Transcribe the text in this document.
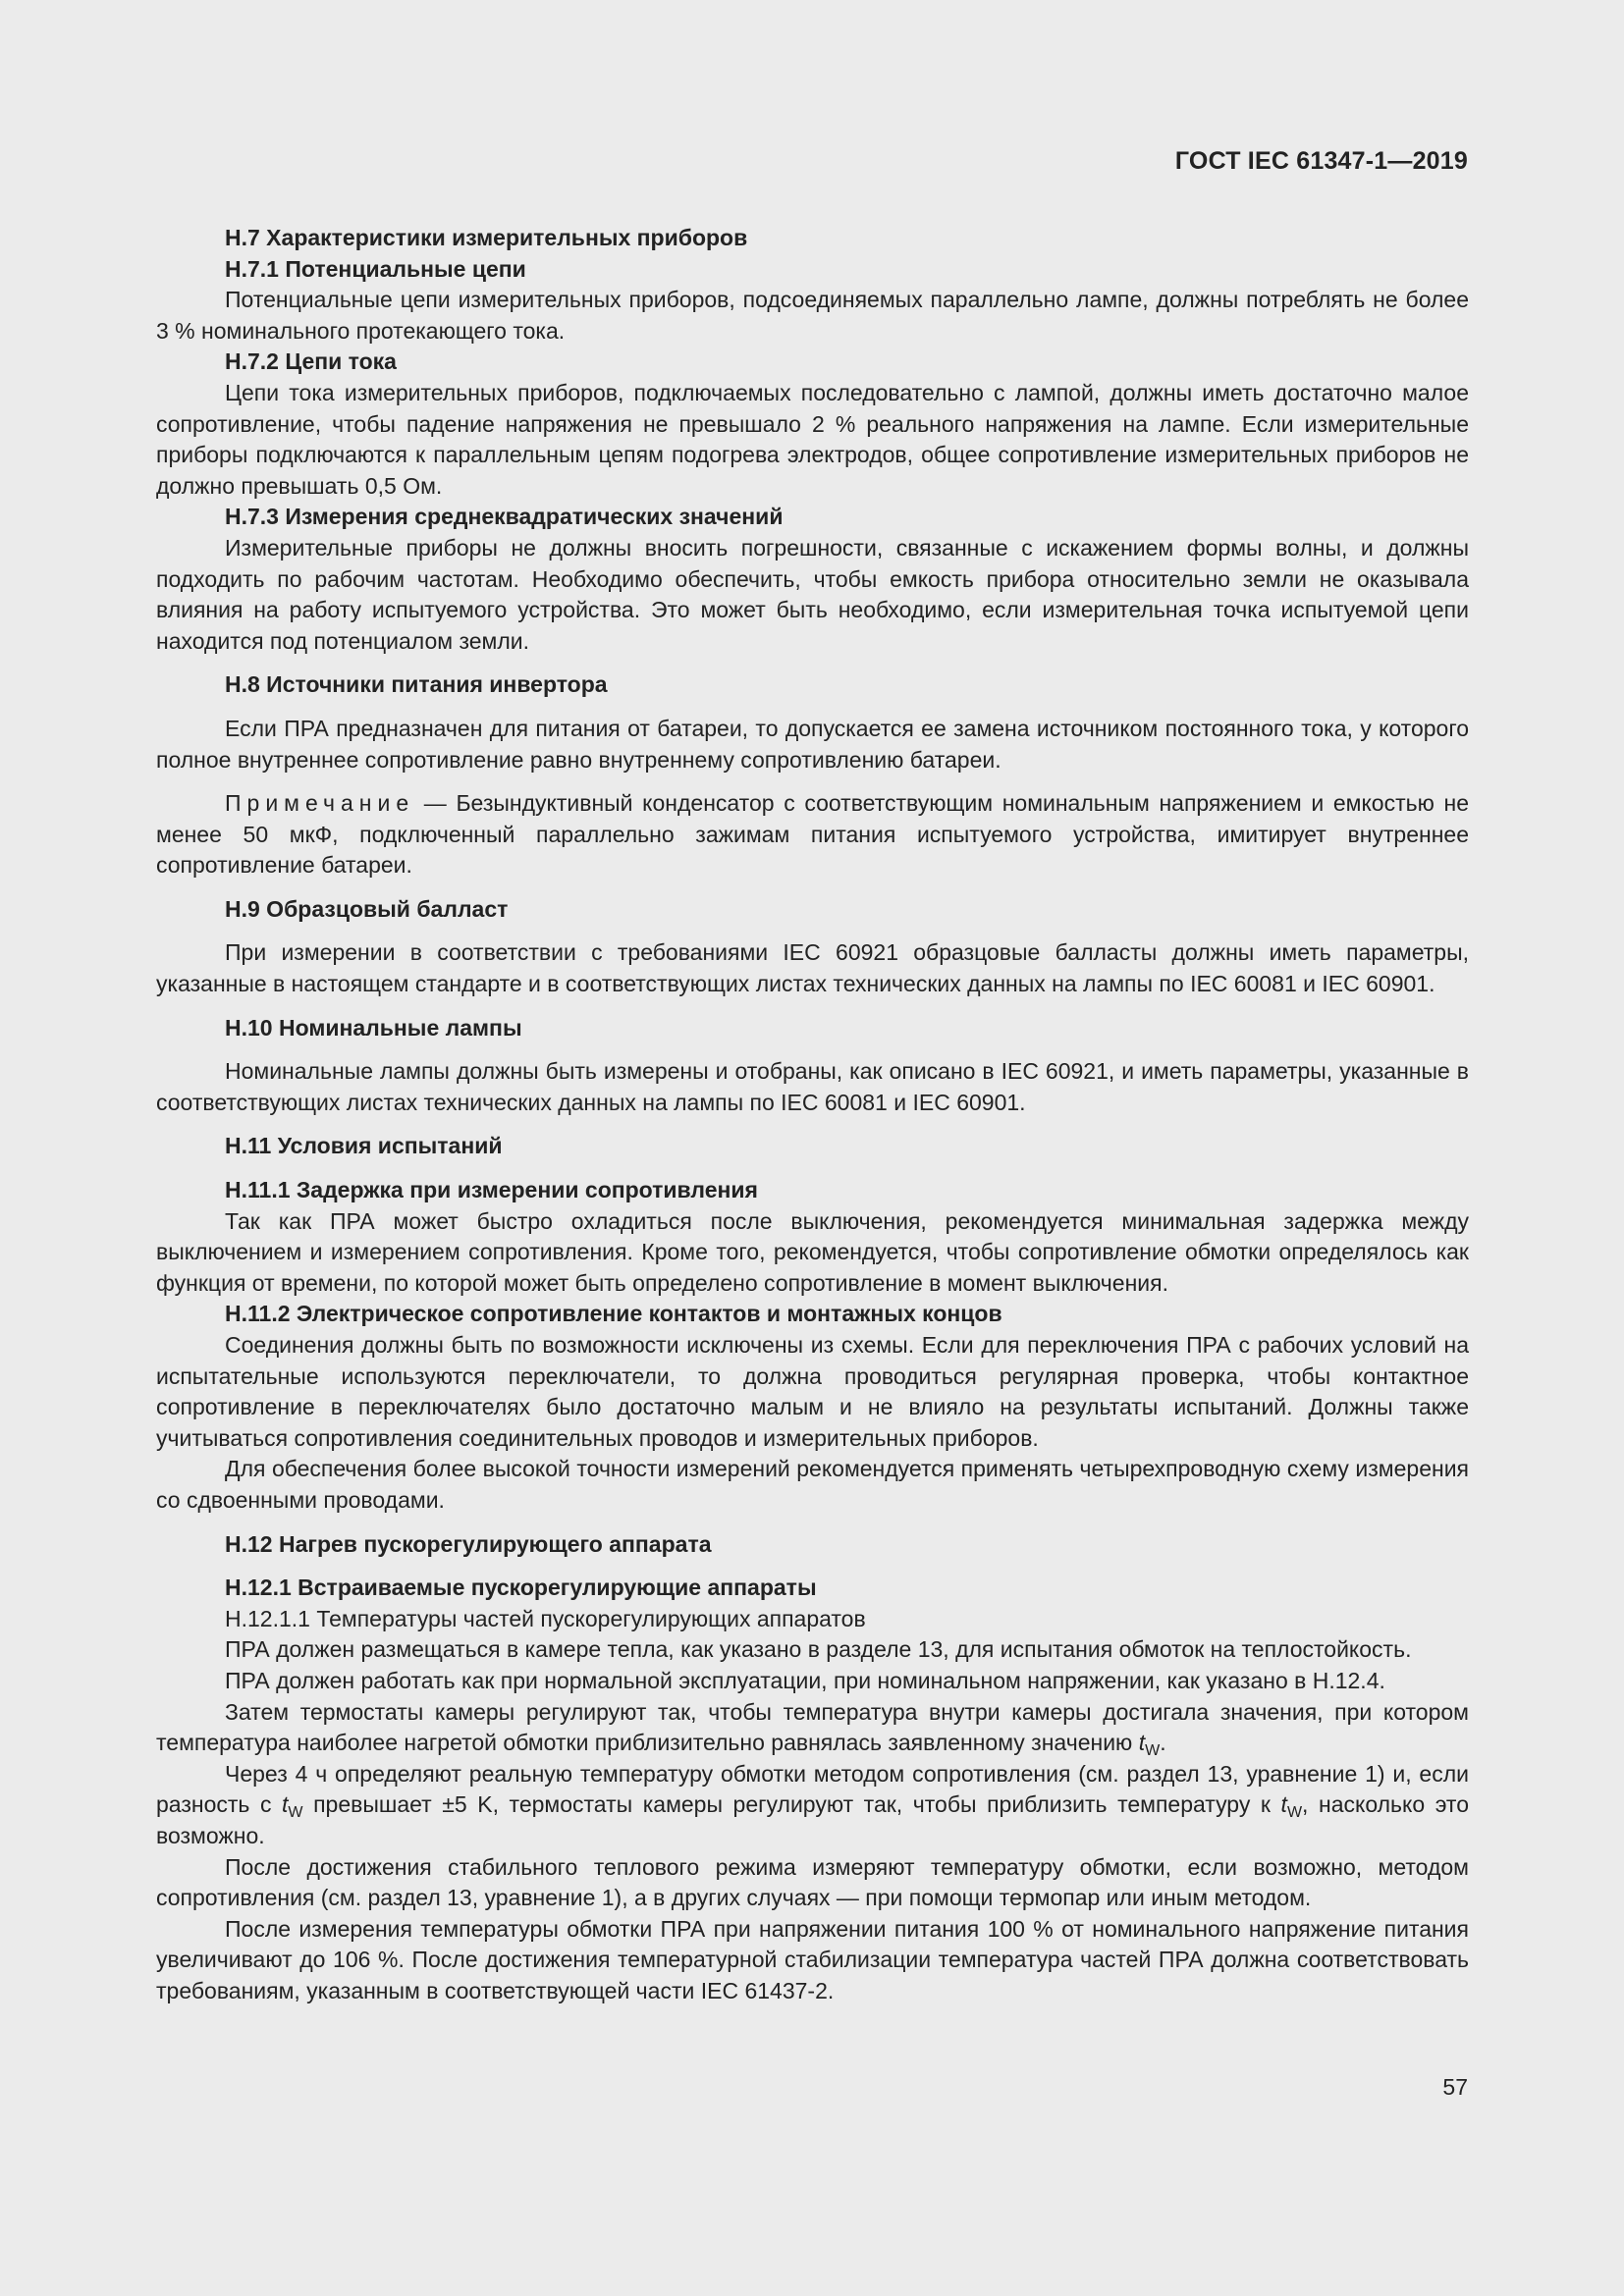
ГОСТ IEC 61347-1—2019
Н.7 Характеристики измерительных приборов
Н.7.1 Потенциальные цепи

Потенциальные цепи измерительных приборов, подсоединяемых параллельно лампе, должны потреблять не более 3 % номинального протекающего тока.

Н.7.2 Цепи тока

Цепи тока измерительных приборов, подключаемых последовательно с лампой, должны иметь достаточно малое сопротивление, чтобы падение напряжения не превышало 2 % реального напряжения на лампе. Если измерительные приборы подключаются к параллельным цепям подогрева электродов, общее сопротивление измерительных приборов не должно превышать 0,5 Ом.

Н.7.3 Измерения среднеквадратических значений

Измерительные приборы не должны вносить погрешности, связанные с искажением формы волны, и должны подходить по рабочим частотам. Необходимо обеспечить, чтобы емкость прибора относительно земли не оказывала влияния на работу испытуемого устройства. Это может быть необходимо, если измерительная точка испытуемой цепи находится под потенциалом земли.

Н.8 Источники питания инвертора

Если ПРА предназначен для питания от батареи, то допускается ее замена источником постоянного тока, у которого полное внутреннее сопротивление равно внутреннему сопротивлению батареи.

Примечание — Безындуктивный конденсатор с соответствующим номинальным напряжением и емкостью не менее 50 мкФ, подключенный параллельно зажимам питания испытуемого устройства, имитирует внутреннее сопротивление батареи.

Н.9 Образцовый балласт

При измерении в соответствии с требованиями IEC 60921 образцовые балласты должны иметь параметры, указанные в настоящем стандарте и в соответствующих листах технических данных на лампы по IEC 60081 и IEC 60901.

Н.10 Номинальные лампы

Номинальные лампы должны быть измерены и отобраны, как описано в IEC 60921, и иметь параметры, указанные в соответствующих листах технических данных на лампы по IEC 60081 и IEC 60901.

Н.11 Условия испытаний
Н.11.1 Задержка при измерении сопротивления

Так как ПРА может быстро охладиться после выключения, рекомендуется минимальная задержка между выключением и измерением сопротивления. Кроме того, рекомендуется, чтобы сопротивление обмотки определялось как функция от времени, по которой может быть определено сопротивление в момент выключения.

Н.11.2 Электрическое сопротивление контактов и монтажных концов

Соединения должны быть по возможности исключены из схемы. Если для переключения ПРА с рабочих условий на испытательные используются переключатели, то должна проводиться регулярная проверка, чтобы контактное сопротивление в переключателях было достаточно малым и не влияло на результаты испытаний. Должны также учитываться сопротивления соединительных проводов и измерительных приборов.

Для обеспечения более высокой точности измерений рекомендуется применять четырехпроводную схему измерения со сдвоенными проводами.

Н.12 Нагрев пускорегулирующего аппарата
Н.12.1 Встраиваемые пускорегулирующие аппараты
Н.12.1.1 Температуры частей пускорегулирующих аппаратов

ПРА должен размещаться в камере тепла, как указано в разделе 13, для испытания обмоток на теплостойкость.

ПРА должен работать как при нормальной эксплуатации, при номинальном напряжении, как указано в Н.12.4.

Затем термостаты камеры регулируют так, чтобы температура внутри камеры достигала значения, при котором температура наиболее нагретой обмотки приблизительно равнялась заявленному значению $t_W$.

Через 4 ч определяют реальную температуру обмотки методом сопротивления (см. раздел 13, уравнение 1) и, если разность с $t_W$ превышает ±5 K, термостаты камеры регулируют так, чтобы приблизить температуру к $t_W$, насколько это возможно.

После достижения стабильного теплового режима измеряют температуру обмотки, если возможно, методом сопротивления (см. раздел 13, уравнение 1), а в других случаях — при помощи термопар или иным методом.

После измерения температуры обмотки ПРА при напряжении питания 100 % от номинального напряжение питания увеличивают до 106 %. После достижения температурной стабилизации температура частей ПРА должна соответствовать требованиям, указанным в соответствующей части IEC 61437-2.

57
